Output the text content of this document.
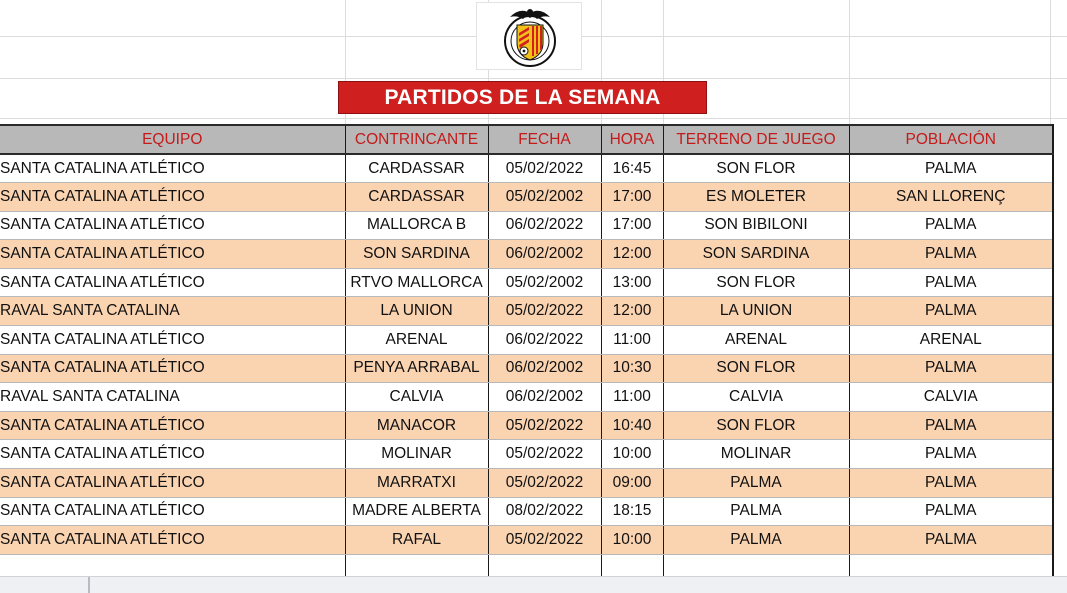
PARTIDOS DE LA SEMANA
EQUIPO	CONTRINCANTE	FECHA	HORA	TERRENO DE JUEGO	POBLACIÓN
SANTA CATALINA ATLÉTICO	CARDASSAR	05/02/2022	16:45	SON FLOR	PALMA
SANTA CATALINA ATLÉTICO	CARDASSAR	05/02/2002	17:00	ES MOLETER	SAN LLORENÇ
SANTA CATALINA ATLÉTICO	MALLORCA B	06/02/2022	17:00	SON BIBILONI	PALMA
SANTA CATALINA ATLÉTICO	SON SARDINA	06/02/2002	12:00	SON SARDINA	PALMA
SANTA CATALINA ATLÉTICO	RTVO MALLORCA	05/02/2002	13:00	SON FLOR	PALMA
RAVAL SANTA CATALINA	LA UNION	05/02/2022	12:00	LA UNION	PALMA
SANTA CATALINA ATLÉTICO	ARENAL	06/02/2022	11:00	ARENAL	ARENAL
SANTA CATALINA ATLÉTICO	PENYA ARRABAL	06/02/2002	10:30	SON FLOR	PALMA
RAVAL SANTA CATALINA	CALVIA	06/02/2002	11:00	CALVIA	CALVIA
SANTA CATALINA ATLÉTICO	MANACOR	05/02/2022	10:40	SON FLOR	PALMA
SANTA CATALINA ATLÉTICO	MOLINAR	05/02/2022	10:00	MOLINAR	PALMA
SANTA CATALINA ATLÉTICO	MARRATXI	05/02/2022	09:00	PALMA	PALMA
SANTA CATALINA ATLÉTICO	MADRE ALBERTA	08/02/2022	18:15	PALMA	PALMA
SANTA CATALINA ATLÉTICO	RAFAL	05/02/2022	10:00	PALMA	PALMA
